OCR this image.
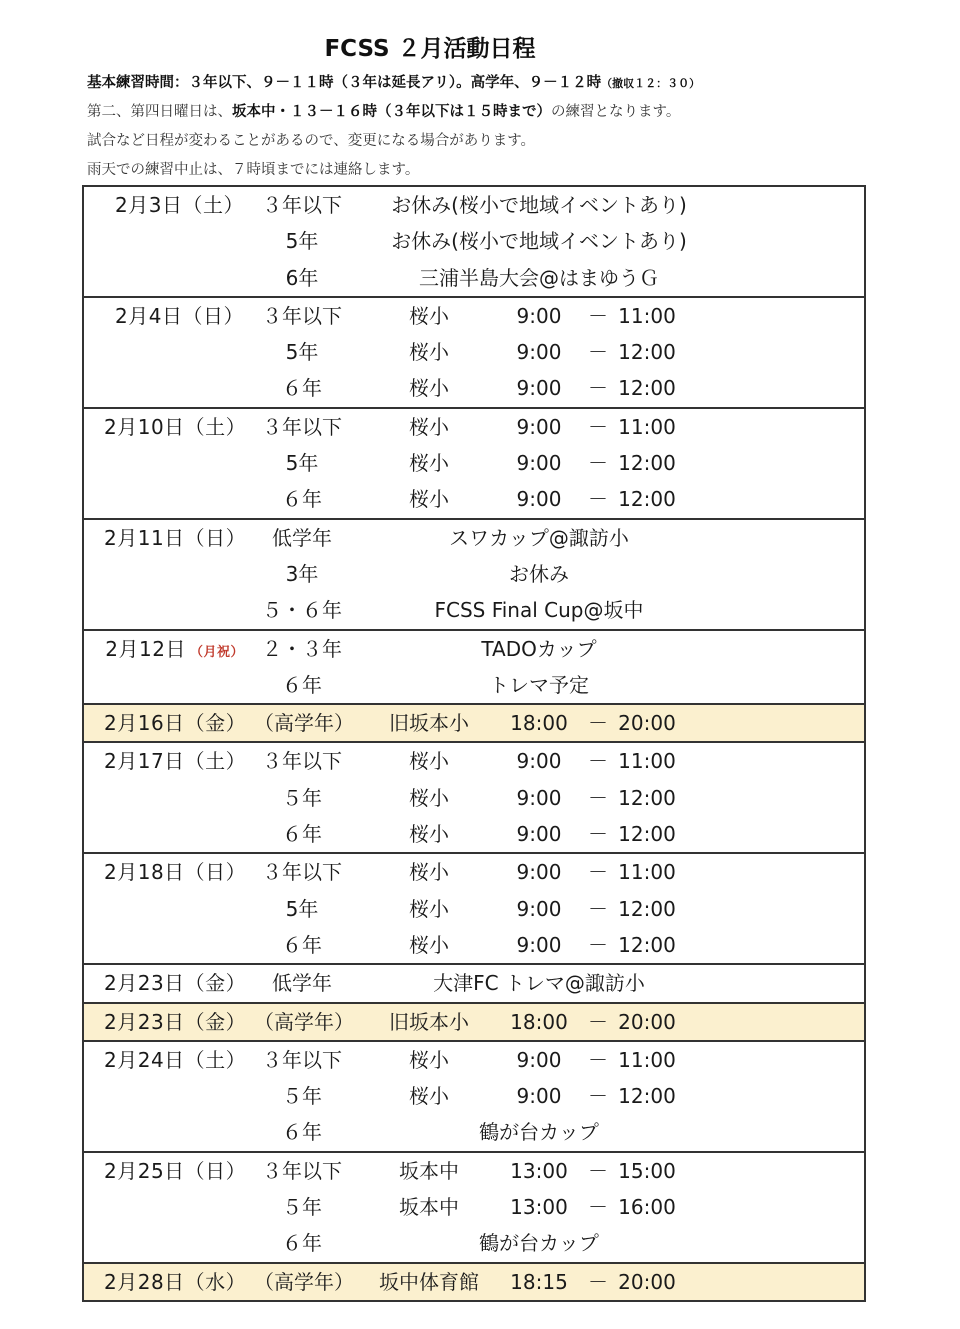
FCSS ２月活動日程
基本練習時間：３年以下、９－１１時（３年は延長アリ）。高学年、９－１２時（撤収１２：３０）
第二、第四日曜日は、坂本中・１３－１６時（３年以下は１５時まで）の練習となります。
試合など日程が変わることがあるので、変更になる場合があります。
雨天での練習中止は、７時頃までには連絡します。
2月3日（土） ３年以下	お休み(桜小で地域イベントあり)
5年	お休み(桜小で地域イベントあり)
6年	三浦半島大会@はまゆうＧ
2月4日（日） ３年以下	桜小	9:00	－ 11:00
5年	桜小	9:00	－ 12:00
６年	桜小	9:00	－ 12:00
2月10日（土） ３年以下	桜小	9:00	－ 11:00
5年	桜小	9:00	－ 12:00
６年	桜小	9:00	－ 12:00
2月11日（日）	低学年	スワカップ@諏訪小
3年	お休み
５・６年	FCSS Final Cup@坂中
2月12日 （月祝） ２・３年	TADOカップ
６年	トレマ予定
2月16日（金） （高学年）	旧坂本小	18:00	－ 20:00
2月17日（土） ３年以下	桜小	9:00	－ 11:00
５年	桜小	9:00	－ 12:00
６年	桜小	9:00	－ 12:00
2月18日（日） ３年以下	桜小	9:00	－ 11:00
5年	桜小	9:00	－ 12:00
６年	桜小	9:00	－ 12:00
2月23日（金）	低学年	大津FC トレマ@諏訪小
2月23日（金） （高学年）	旧坂本小	18:00	－ 20:00
2月24日（土） ３年以下	桜小	9:00	－ 11:00
５年	桜小	9:00	－ 12:00
６年	鶴が台カップ
2月25日（日） ３年以下	坂本中	13:00	－ 15:00
５年	坂本中	13:00	－ 16:00
６年	鶴が台カップ
2月28日（水） （高学年） 坂中体育館	18:15	－ 20:00
